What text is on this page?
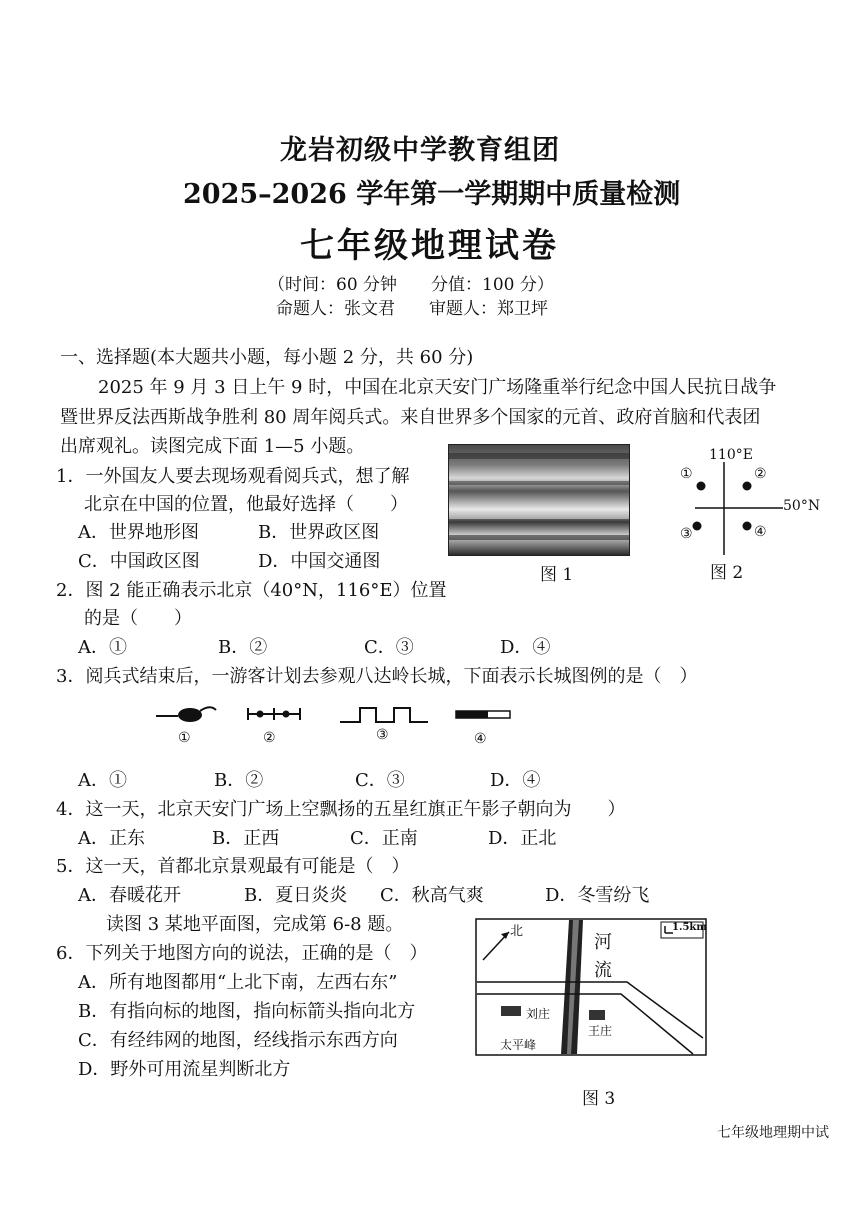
龙岩初级中学教育组团
2025–2026 学年第一学期期中质量检测
七年级地理试卷
（时间：60 分钟　　分值：100 分）
命题人：张文君　　审题人：郑卫坪
一、选择题(本大题共小题，每小题 2 分，共 60 分)
2025 年 9 月 3 日上午 9 时，中国在北京天安门广场隆重举行纪念中国人民抗日战争
暨世界反法西斯战争胜利 80 周年阅兵式。来自世界多个国家的元首、政府首脑和代表团
出席观礼。读图完成下面 1—5 小题。
图 1
110°E
50°N
①	②
③	④
图 2
1．一外国友人要去现场观看阅兵式，想了解
北京在中国的位置，他最好选择（　　）
A．世界地形图	B．世界政区图
C．中国政区图	D．中国交通图
2．图 2 能正确表示北京（40°N，116°E）位置
的是（　　）
A．①	B．②	C．③	D．④
3．阅兵式结束后，一游客计划去参观八达岭长城，下面表示长城图例的是（　）
①	②	③	④
A．①	B．②	C．③	D．④
4．这一天，北京天安门广场上空飘扬的五星红旗正午影子朝向为　　）
A．正东	B．正西	C．正南	D．正北
5．这一天，首都北京景观最有可能是（　）
A．春暖花开	B．夏日炎炎 C．秋高气爽	D．冬雪纷飞
读图 3 某地平面图，完成第 6-8 题。
6．下列关于地图方向的说法，正确的是（　）
A．所有地图都用“上北下南，左西右东”
B．有指向标的地图，指向标箭头指向北方
C．有经纬网的地图，经线指示东西方向
D．野外可用流星判断北方
北	1.5km
河
流
刘庄
王庄
太平峰
图 3
七年级地理期中试
